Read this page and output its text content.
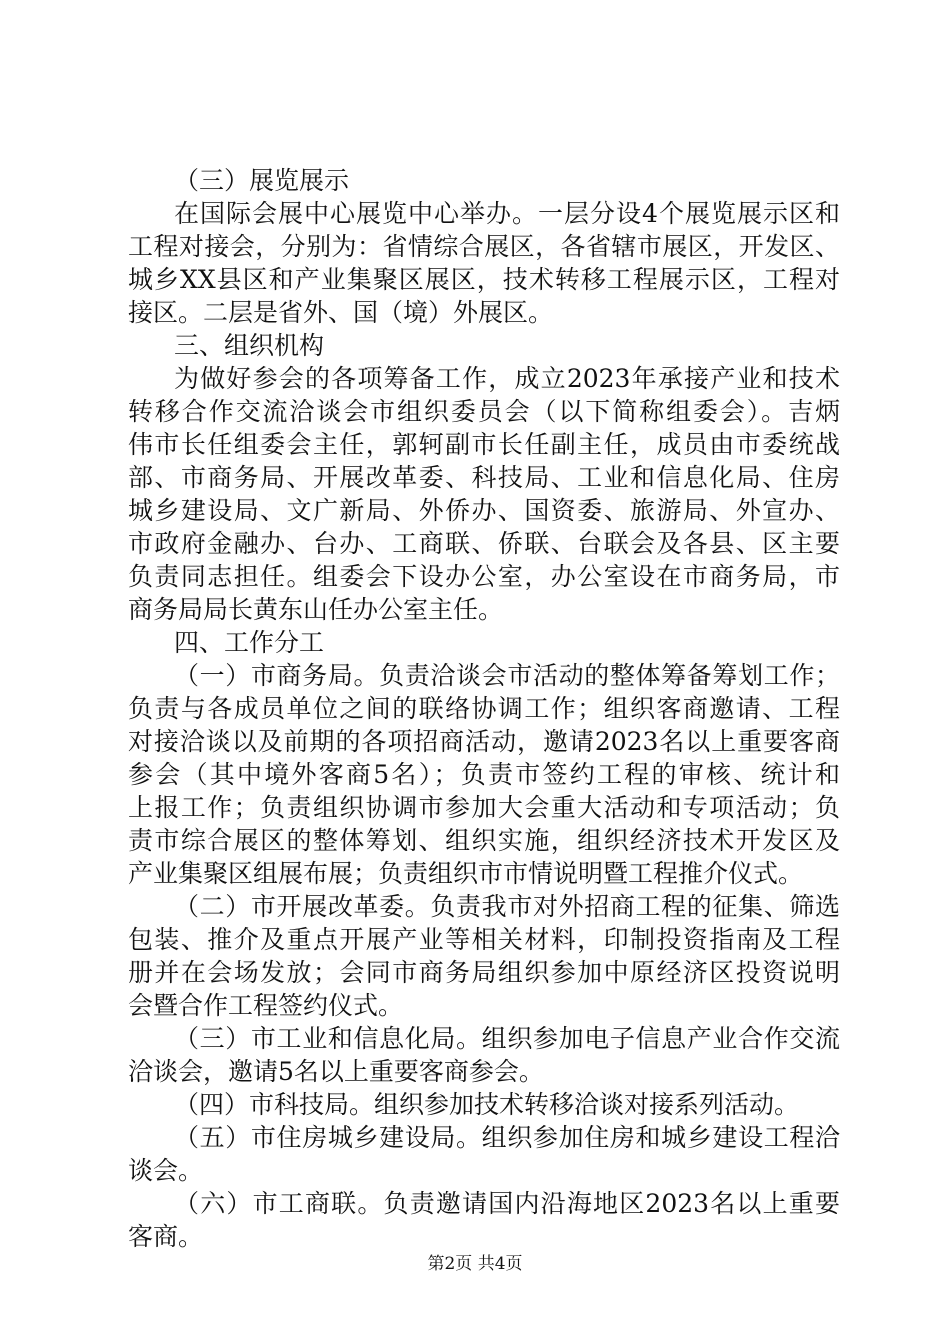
（三）展览展示
在国际会展中心展览中心举办。一层分设4个展览展示区和
工程对接会，分别为：省情综合展区，各省辖市展区，开发区、
城乡XX县区和产业集聚区展区，技术转移工程展示区，工程对
接区。二层是省外、国（境）外展区。
三、组织机构
为做好参会的各项筹备工作，成立2023年承接产业和技术
转移合作交流洽谈会市组织委员会（以下简称组委会）。吉炳
伟市长任组委会主任，郭轲副市长任副主任，成员由市委统战
部、市商务局、开展改革委、科技局、工业和信息化局、住房
城乡建设局、文广新局、外侨办、国资委、旅游局、外宣办、
市政府金融办、台办、工商联、侨联、台联会及各县、区主要
负责同志担任。组委会下设办公室，办公室设在市商务局，市
商务局局长黄东山任办公室主任。
四、工作分工
（一）市商务局。负责洽谈会市活动的整体筹备筹划工作；
负责与各成员单位之间的联络协调工作；组织客商邀请、工程
对接洽谈以及前期的各项招商活动，邀请2023名以上重要客商
参会（其中境外客商5名）；负责市签约工程的审核、统计和
上报工作；负责组织协调市参加大会重大活动和专项活动；负
责市综合展区的整体筹划、组织实施，组织经济技术开发区及
产业集聚区组展布展；负责组织市市情说明暨工程推介仪式。
（二）市开展改革委。负责我市对外招商工程的征集、筛选
包装、推介及重点开展产业等相关材料，印制投资指南及工程
册并在会场发放；会同市商务局组织参加中原经济区投资说明
会暨合作工程签约仪式。
（三）市工业和信息化局。组织参加电子信息产业合作交流
洽谈会，邀请5名以上重要客商参会。
（四）市科技局。组织参加技术转移洽谈对接系列活动。
（五）市住房城乡建设局。组织参加住房和城乡建设工程洽
谈会。
（六）市工商联。负责邀请国内沿海地区2023名以上重要
客商。
第2页 共4页
